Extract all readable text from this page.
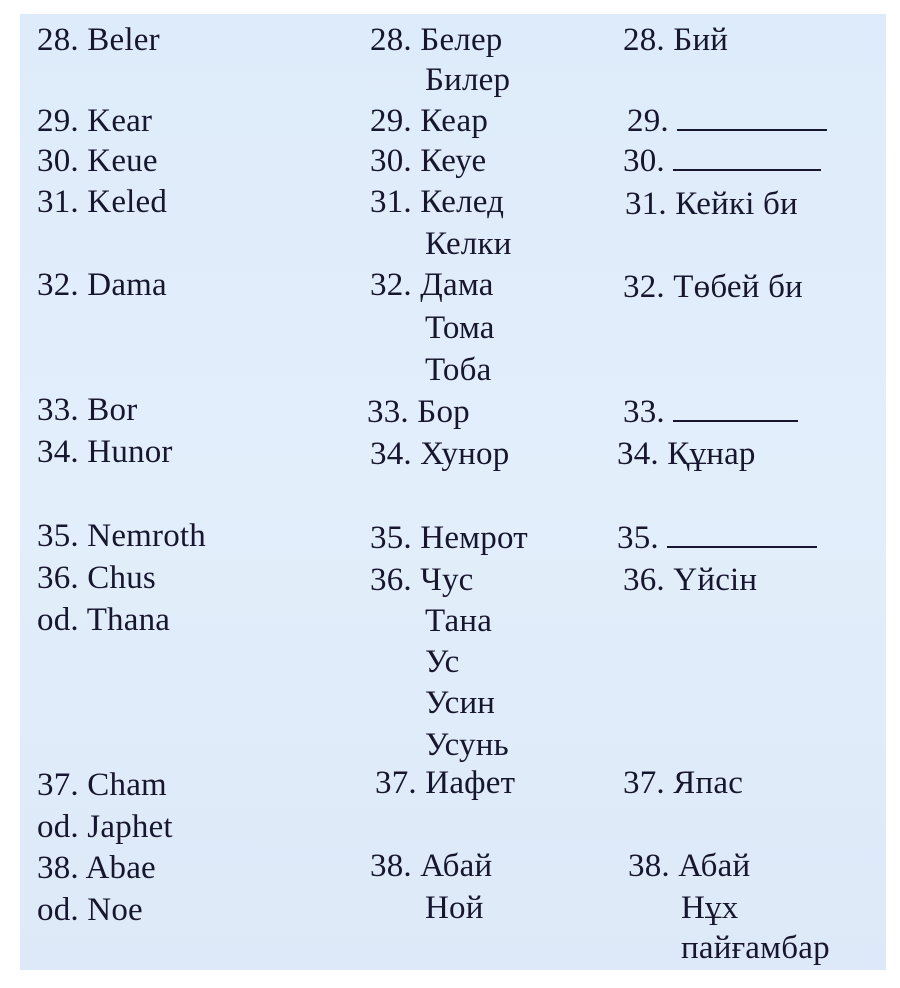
28. Beler
29. Kear
30. Keue
31. Keled
32. Dama
33. Bor
34. Hunor
35. Nemroth
36. Chus
od. Thana
37. Cham
od. Japhet
38. Abae
od. Noe
28. Белер
Билер
29. Кеар
30. Кеуе
31. Келед
Келки
32. Дама
Тома
Тоба
33. Бор
34. Хунор
35. Немрот
36. Чус
Тана
Ус
Усин
Усунь
37. Иафет
38. Абай
Ной
28. Бий
29.
30.
31. Кейкі би
32. Төбей би
33.
34. Құнар
35.
36. Үйсін
37. Япас
38. Абай
Нұх
пайғамбар
